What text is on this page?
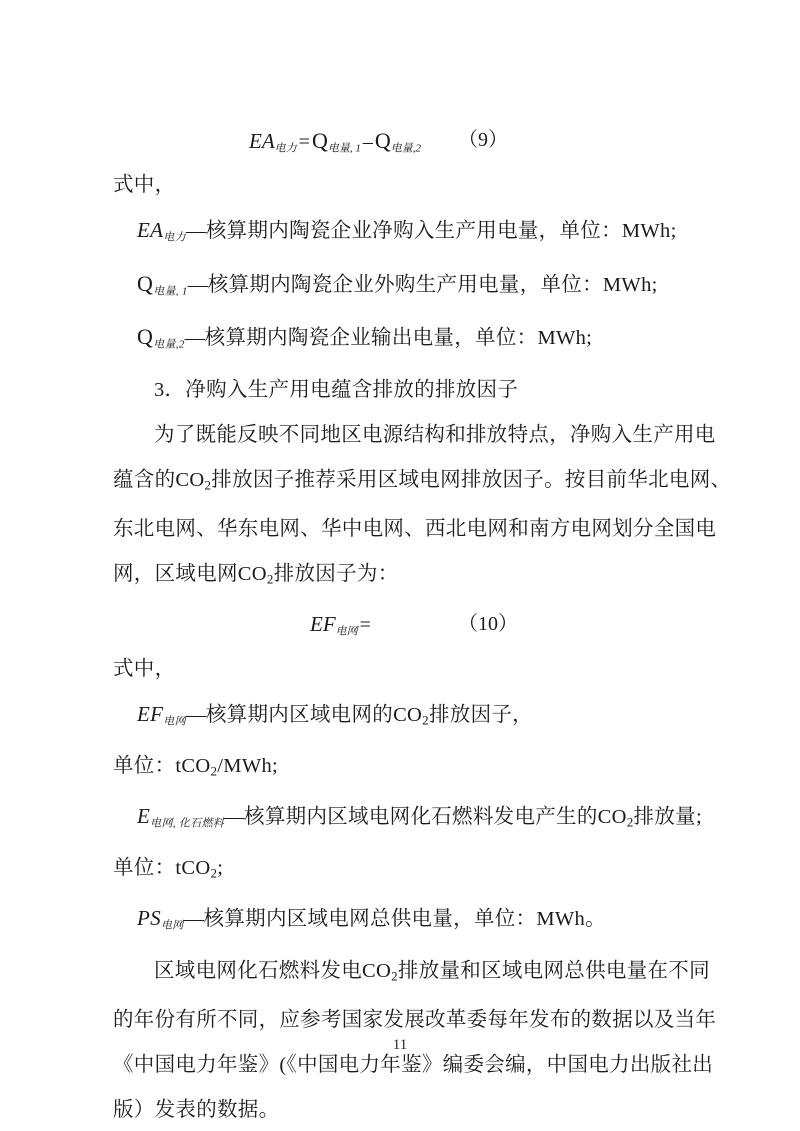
EA电力 =Q电量, 1 –Q电量,2 （9）
式中，
EA电力—核算期内陶瓷企业净购入生产用电量，单位：MWh;
Q电量, 1—核算期内陶瓷企业外购生产用电量，单位：MWh;
Q电量,2—核算期内陶瓷企业输出电量，单位：MWh;
3．净购入生产用电蕴含排放的排放因子
为了既能反映不同地区电源结构和排放特点，净购入生产用电
蕴含的CO2排放因子推荐采用区域电网排放因子。按目前华北电网、
东北电网、华东电网、华中电网、西北电网和南方电网划分全国电
网，区域电网CO2排放因子为：
EF电网 =	（10）
式中，
EF电网—核算期内区域电网的CO2排放因子，
单位：tCO2/MWh;
E电网, 化石燃料—核算期内区域电网化石燃料发电产生的CO2排放量;
单位：tCO2;
PS电网—核算期内区域电网总供电量，单位：MWh。
区域电网化石燃料发电CO2排放量和区域电网总供电量在不同
的年份有所不同，应参考国家发展改革委每年发布的数据以及当年
《中国电力年鉴》(《中国电力年鉴》编委会编，中国电力出版社出
版）发表的数据。
11
